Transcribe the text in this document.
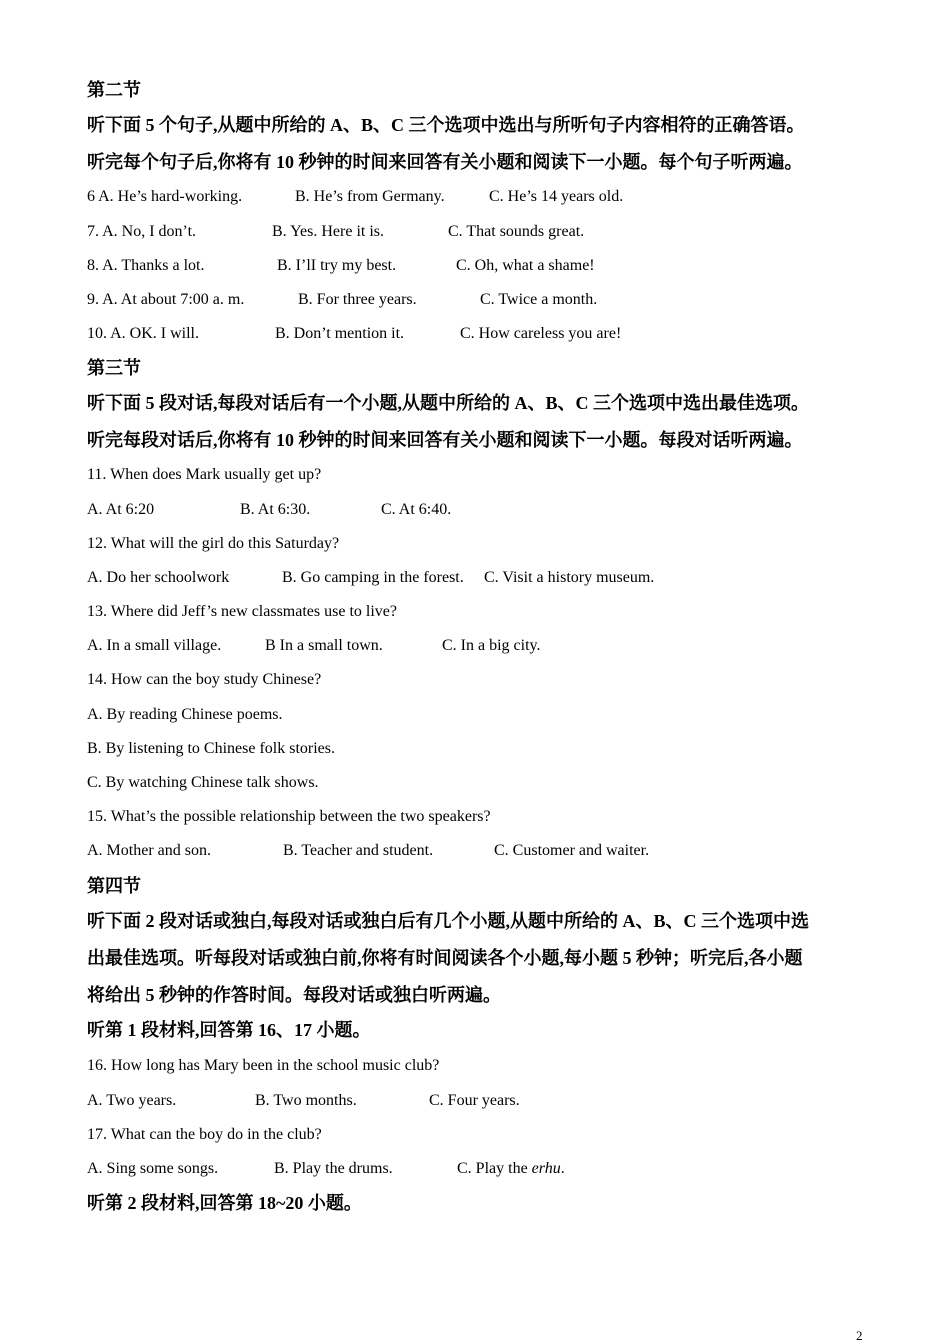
第二节
听下面 5 个句子,从题中所给的 A、B、C 三个选项中选出与所听句子内容相符的正确答语。
听完每个句子后,你将有 10 秒钟的时间来回答有关小题和阅读下一小题。每个句子听两遍。
6 A. He’s hard-working.	B. He’s from Germany.	C. He’s 14 years old.
7. A. No, I don’t.	B. Yes. Here it is.	C. That sounds great.
8. A. Thanks a lot.	B. I’lI try my best.	C. Oh, what a shame!
9. A. At about 7:00 a. m.	B. For three years.	C. Twice a month.
10. A. OK. I will.	B. Don’t mention it.	C. How careless you are!
第三节
听下面 5 段对话,每段对话后有一个小题,从题中所给的 A、B、C 三个选项中选出最佳选项。
听完每段对话后,你将有 10 秒钟的时间来回答有关小题和阅读下一小题。每段对话听两遍。
11. When does Mark usually get up?
A. At 6:20	B. At 6:30.	C. At 6:40.
12. What will the girl do this Saturday?
A. Do her schoolwork	B. Go camping in the forest. C. Visit a history museum.
13. Where did Jeff’s new classmates use to live?
A. In a small village.	B In a small town.	C. In a big city.
14. How can the boy study Chinese?
A. By reading Chinese poems.
B. By listening to Chinese folk stories.
C. By watching Chinese talk shows.
15. What’s the possible relationship between the two speakers?
A. Mother and son.	B. Teacher and student.	C. Customer and waiter.
第四节
听下面 2 段对话或独白,每段对话或独白后有几个小题,从题中所给的 A、B、C 三个选项中选
出最佳选项。听每段对话或独白前,你将有时间阅读各个小题,每小题 5 秒钟；听完后,各小题
将给出 5 秒钟的作答时间。每段对话或独白听两遍。
听第 1 段材料,回答第 16、17 小题。
16. How long has Mary been in the school music club?
A. Two years.	B. Two months.	C. Four years.
17. What can the boy do in the club?
A. Sing some songs.	B. Play the drums.	C. Play the erhu.
听第 2 段材料,回答第 18~20 小题。
2
